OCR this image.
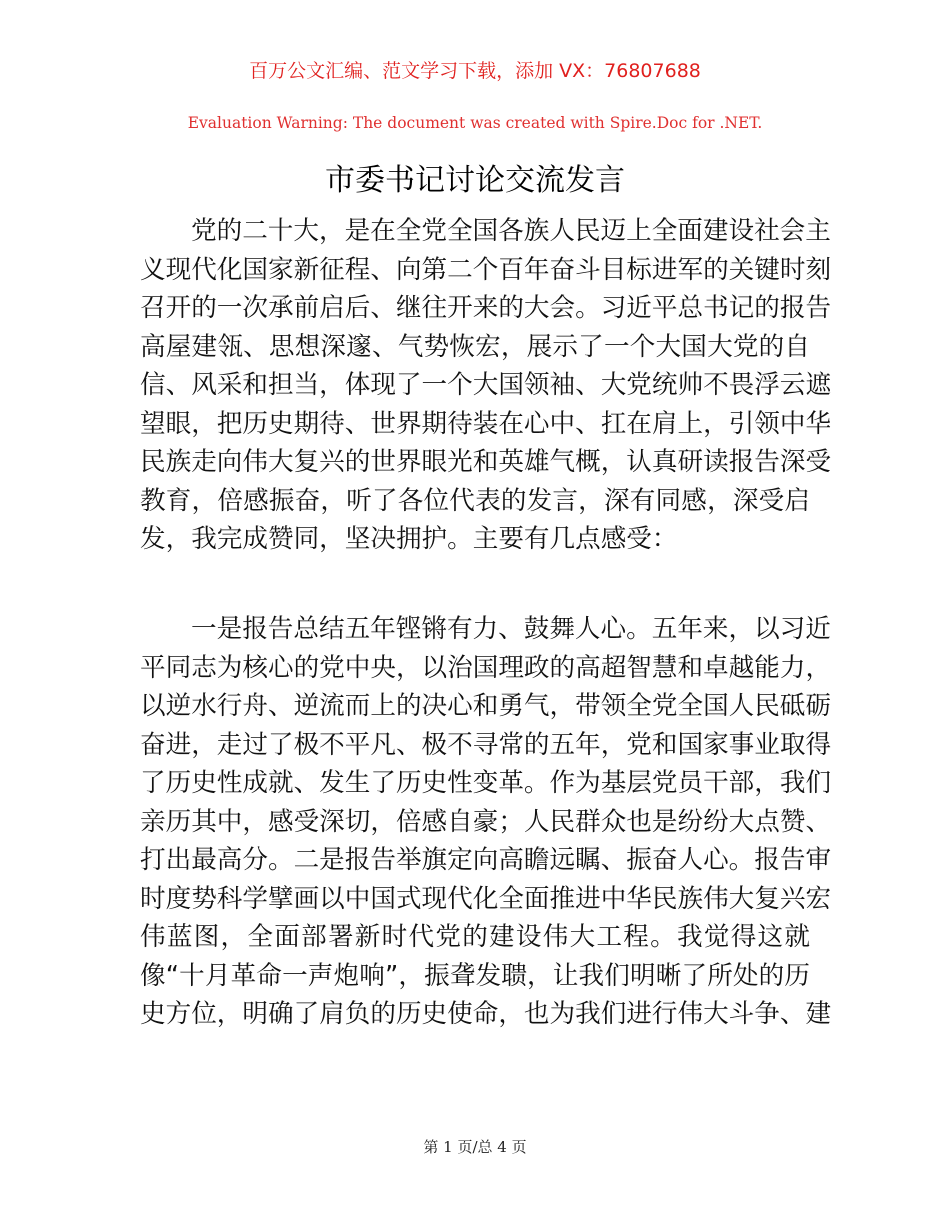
百万公文汇编、范文学习下载，添加 VX：76807688
Evaluation Warning: The document was created with Spire.Doc for .NET.
市委书记讨论交流发言
党的二十大，是在全党全国各族人民迈上全面建设社会主
义现代化国家新征程、向第二个百年奋斗目标进军的关键时刻
召开的一次承前启后、继往开来的大会。习近平总书记的报告
高屋建瓴、思想深邃、气势恢宏，展示了一个大国大党的自
信、风采和担当，体现了一个大国领袖、大党统帅不畏浮云遮
望眼，把历史期待、世界期待装在心中、扛在肩上，引领中华
民族走向伟大复兴的世界眼光和英雄气概，认真研读报告深受
教育，倍感振奋，听了各位代表的发言，深有同感，深受启
发，我完成赞同，坚决拥护。主要有几点感受：
一是报告总结五年铿锵有力、鼓舞人心。五年来，以习近
平同志为核心的党中央，以治国理政的高超智慧和卓越能力，
以逆水行舟、逆流而上的决心和勇气，带领全党全国人民砥砺
奋进，走过了极不平凡、极不寻常的五年，党和国家事业取得
了历史性成就、发生了历史性变革。作为基层党员干部，我们
亲历其中，感受深切，倍感自豪；人民群众也是纷纷大点赞、
打出最高分。二是报告举旗定向高瞻远瞩、振奋人心。报告审
时度势科学擘画以中国式现代化全面推进中华民族伟大复兴宏
伟蓝图，全面部署新时代党的建设伟大工程。我觉得这就
像“十月革命一声炮响”，振聋发聩，让我们明晰了所处的历
史方位，明确了肩负的历史使命，也为我们进行伟大斗争、建
第 1 页/总 4 页
